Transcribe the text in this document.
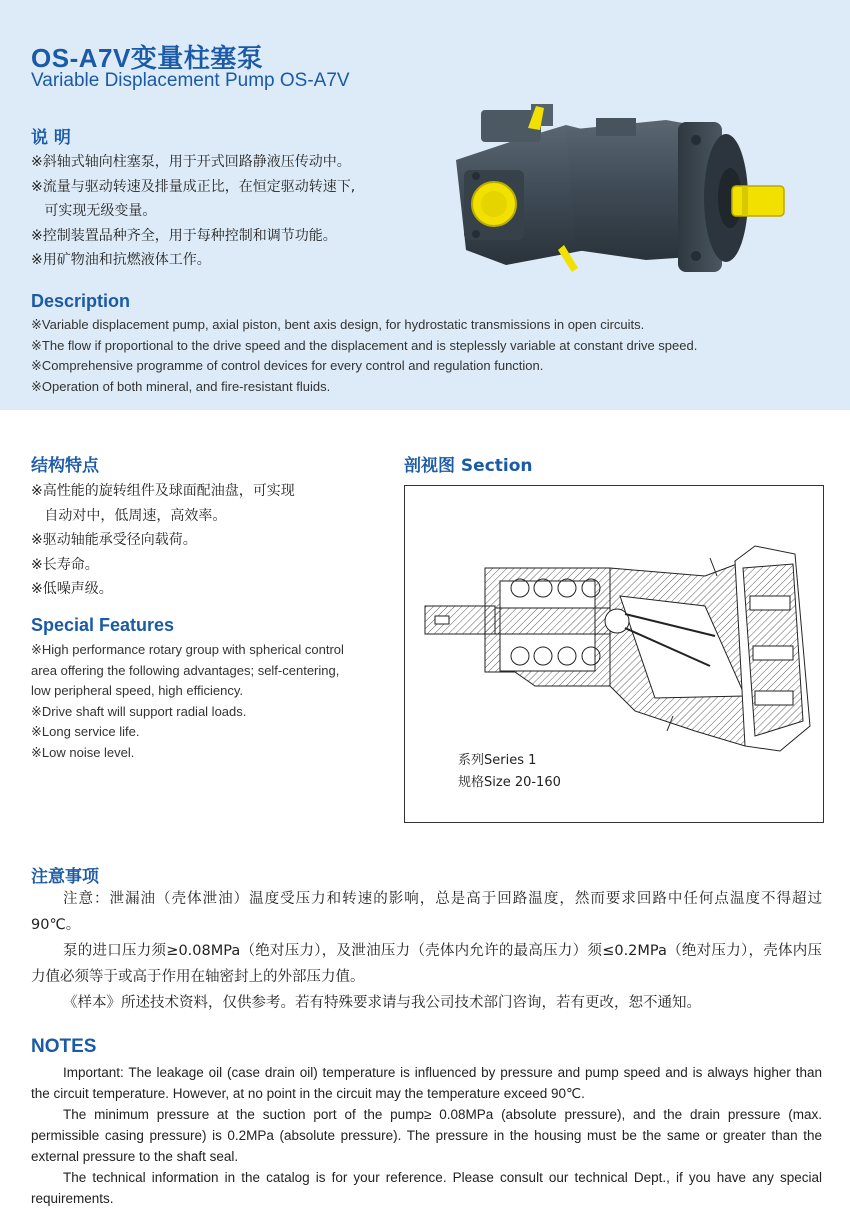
OS-A7V变量柱塞泵
Variable Displacement Pump OS-A7V
说 明
※斜轴式轴向柱塞泵，用于开式回路静液压传动中。
※流量与驱动转速及排量成正比，在恒定驱动转速下,
可实现无级变量。
※控制装置品种齐全，用于每种控制和调节功能。
※用矿物油和抗燃液体工作。
Description
※Variable displacement pump, axial piston, bent axis design, for hydrostatic transmissions in open circuits.
※The flow if proportional to the drive speed and the displacement and is steplessly variable at constant drive speed.
※Comprehensive programme of control devices for every control and regulation function.
※Operation of both mineral, and fire-resistant fluids.
结构特点
※高性能的旋转组件及球面配油盘，可实现
自动对中，低周速，高效率。
※驱动轴能承受径向载荷。
※长寿命。
※低噪声级。
Special Features
※High performance rotary group with spherical control area offering the following advantages; self-centering, low peripheral speed, high efficiency.
※Drive shaft will support radial loads.
※Long service life.
※Low noise level.
剖视图 Section
系列Series 1
规格Size 20-160
注意事项

注意：泄漏油（壳体泄油）温度受压力和转速的影响，总是高于回路温度，然而要求回路中任何点温度不得超过90℃。

泵的进口压力须≥0.08MPa（绝对压力），及泄油压力（壳体内允许的最高压力）须≤0.2MPa（绝对压力），壳体内压力值必须等于或高于作用在轴密封上的外部压力值。

《样本》所述技术资料，仅供参考。若有特殊要求请与我公司技术部门咨询，若有更改，恕不通知。

NOTES

Important: The leakage oil (case drain oil) temperature is influenced by pressure and pump speed and is always higher than the circuit temperature. However, at no point in the circuit may the temperature exceed 90℃.

The minimum pressure at the suction port of the pump≥ 0.08MPa (absolute pressure), and the drain pressure (max. permissible casing pressure) is 0.2MPa (absolute pressure). The pressure in the housing must be the same or greater than the external pressure to the shaft seal.

The technical information in the catalog is for your reference. Please consult our technical Dept., if you have any special requirements.
